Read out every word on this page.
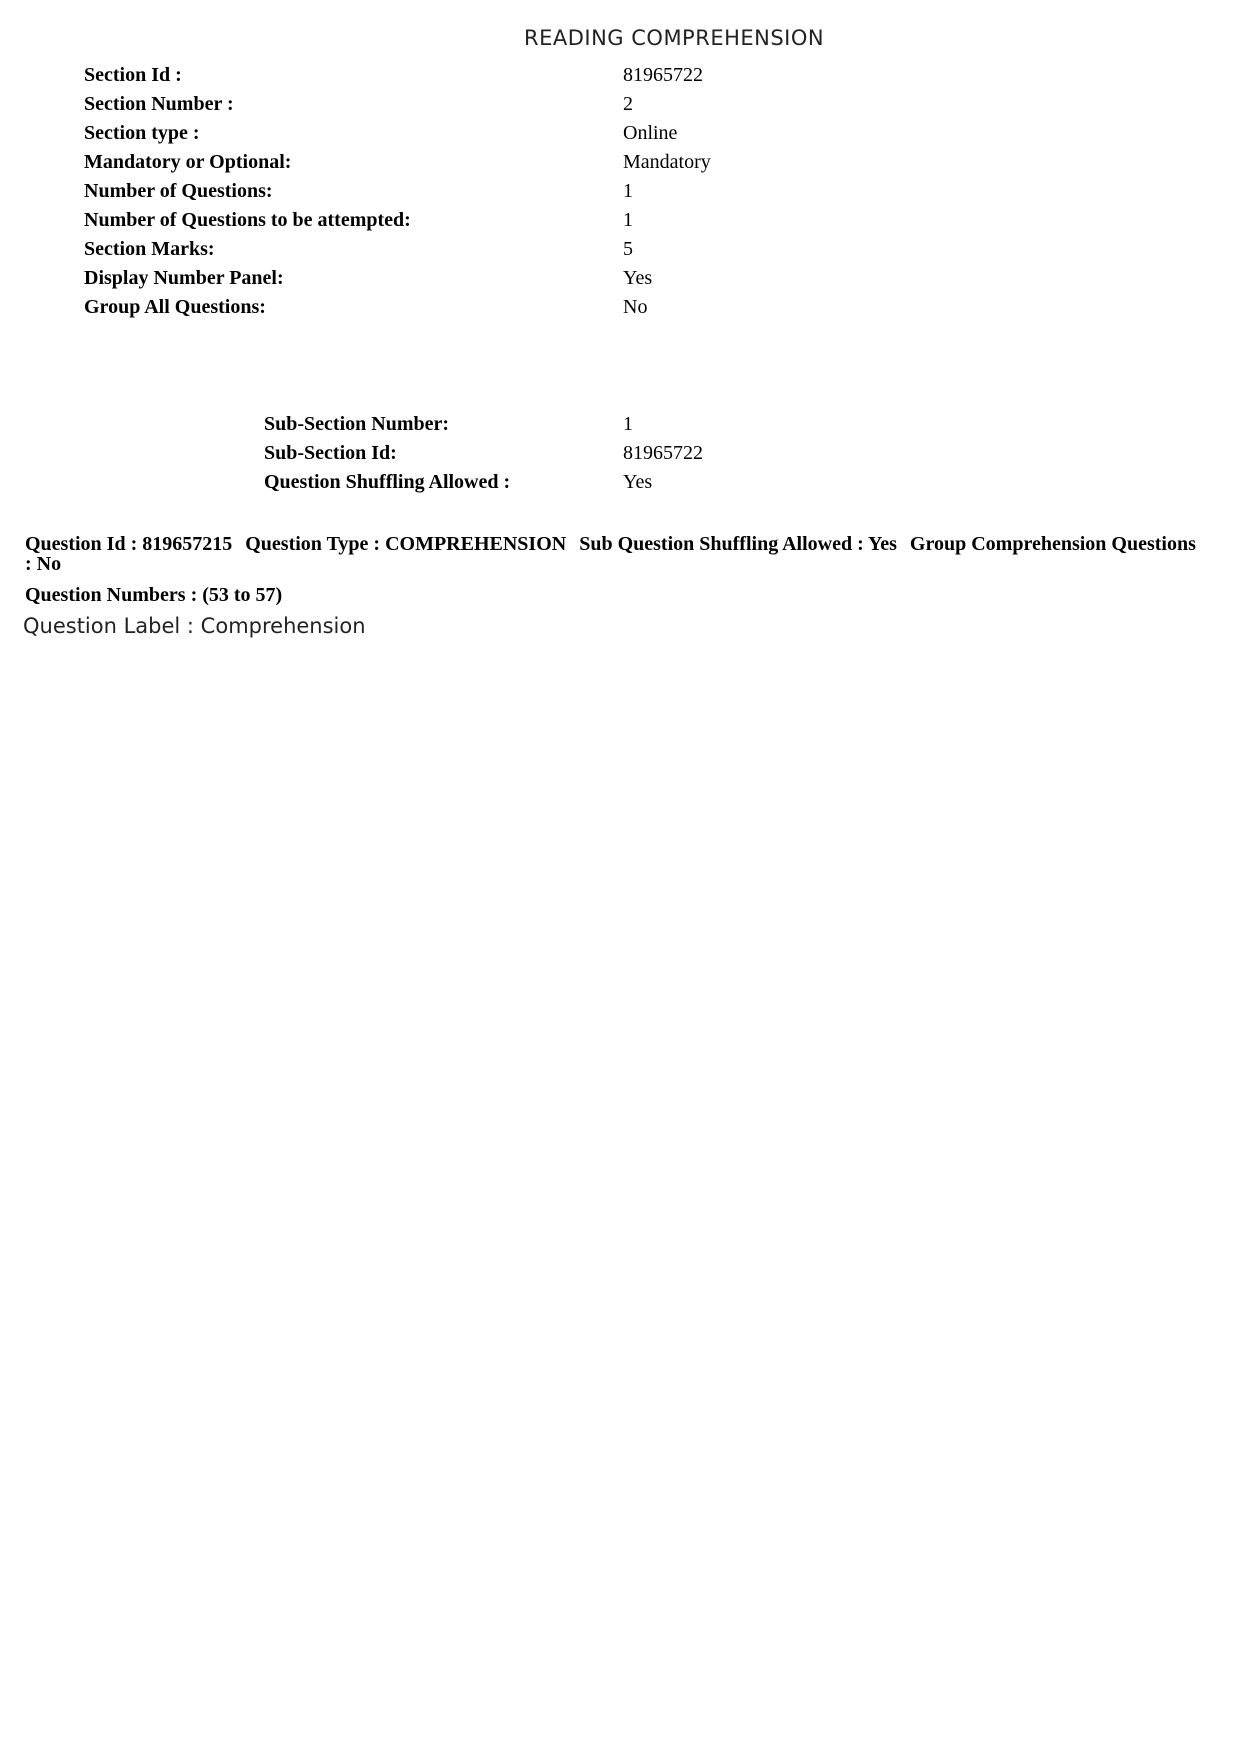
READING COMPREHENSION
Section Id :	81965722
Section Number :	2
Section type :	Online
Mandatory or Optional:	Mandatory
Number of Questions:	1
Number of Questions to be attempted:	1
Section Marks:	5
Display Number Panel:	Yes
Group All Questions:	No
Sub-Section Number:	1
Sub-Section Id:	81965722
Question Shuffling Allowed :	Yes
Question Id : 819657215 Question Type : COMPREHENSION Sub Question Shuffling Allowed : Yes Group Comprehension Questions : No
Question Numbers : (53 to 57)
Question Label : Comprehension
